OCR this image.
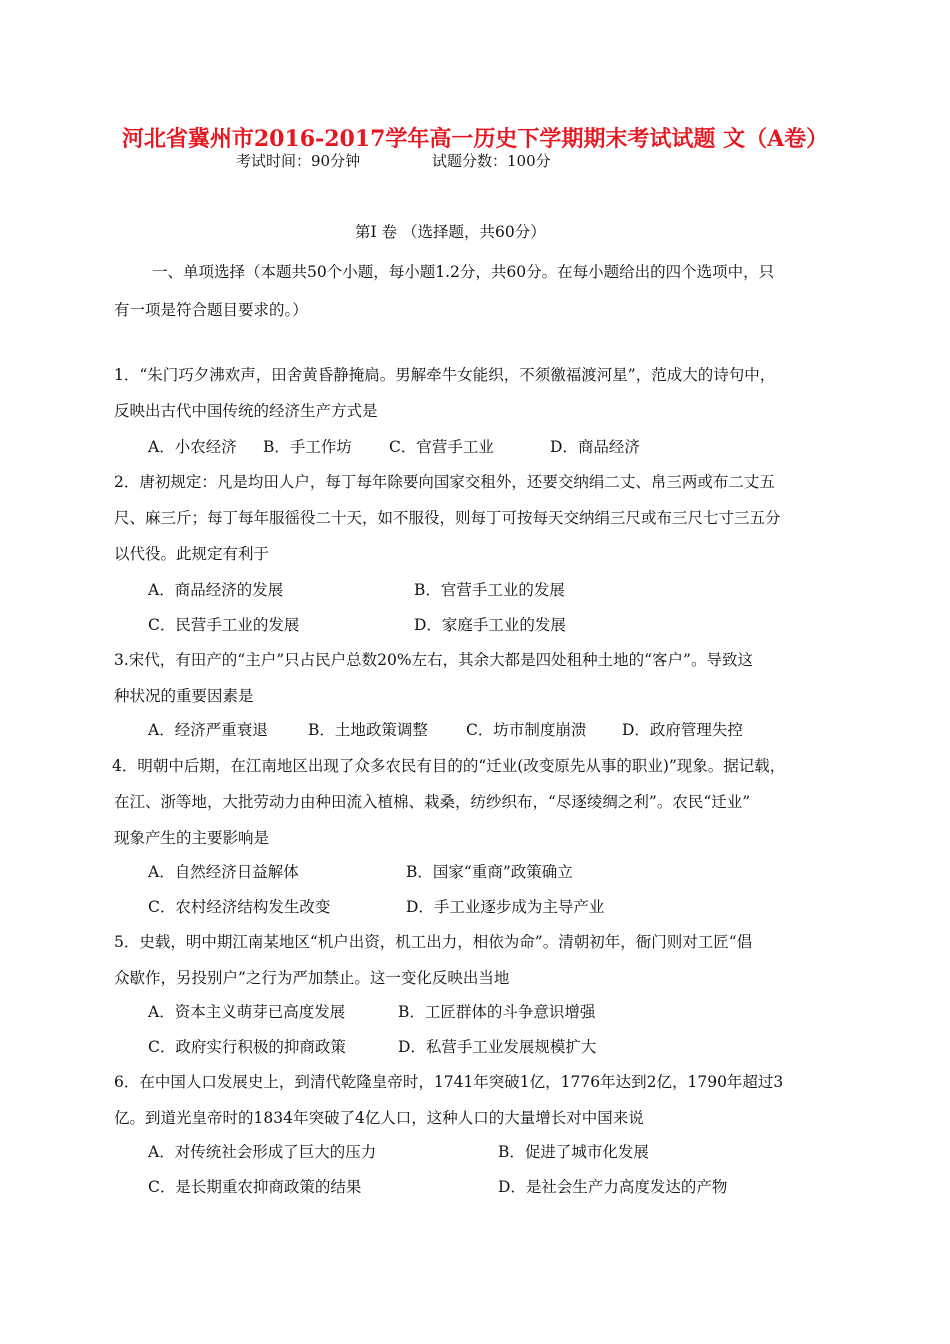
河北省冀州市2016-2017学年高一历史下学期期末考试试题 文（A卷）
考试时间：90分钟	试题分数：100分
第Ⅰ 卷 （选择题，共60分）
一、单项选择（本题共50个小题，每小题1.2分，共60分。在每小题给出的四个选项中，只
有一项是符合题目要求的。）
1．“朱门巧夕沸欢声，田舍黄昏静掩扃。男解牵牛女能织，不须徼福渡河星”，范成大的诗句中，
反映出古代中国传统的经济生产方式是
A．小农经济 B．手工作坊 C．官营手工业	D．商品经济
2．唐初规定：凡是均田人户，每丁每年除要向国家交租外，还要交纳绢二丈、帛三两或布二丈五
尺、麻三斤；每丁每年服徭役二十天，如不服役，则每丁可按每天交纳绢三尺或布三尺七寸三五分
以代役。此规定有利于
A．商品经济的发展	B．官营手工业的发展
C．民营手工业的发展	D．家庭手工业的发展
3.宋代，有田产的“主户”只占民户总数20%左右，其余大都是四处租种土地的“客户”。导致这
种状况的重要因素是
A．经济严重衰退	B．土地政策调整 C．坊市制度崩溃 D．政府管理失控
4．明朝中后期，在江南地区出现了众多农民有目的的“迁业(改变原先从事的职业)”现象。据记载，
在江、浙等地，大批劳动力由种田流入植棉、栽桑，纺纱织布，“尽逐绫绸之利”。农民“迁业”
现象产生的主要影响是
A．自然经济日益解体	B．国家“重商”政策确立
C．农村经济结构发生改变	D．手工业逐步成为主导产业
5．史载，明中期江南某地区“机户出资，机工出力，相依为命”。清朝初年，衙门则对工匠“倡
众歇作，另投别户”之行为严加禁止。这一变化反映出当地
A．资本主义萌芽已高度发展	B．工匠群体的斗争意识增强
C．政府实行积极的抑商政策	D．私营手工业发展规模扩大
6．在中国人口发展史上，到清代乾隆皇帝时，1741年突破1亿，1776年达到2亿，1790年超过3
亿。到道光皇帝时的1834年突破了4亿人口，这种人口的大量增长对中国来说
A．对传统社会形成了巨大的压力	B．促进了城市化发展
C．是长期重农抑商政策的结果	D．是社会生产力高度发达的产物
